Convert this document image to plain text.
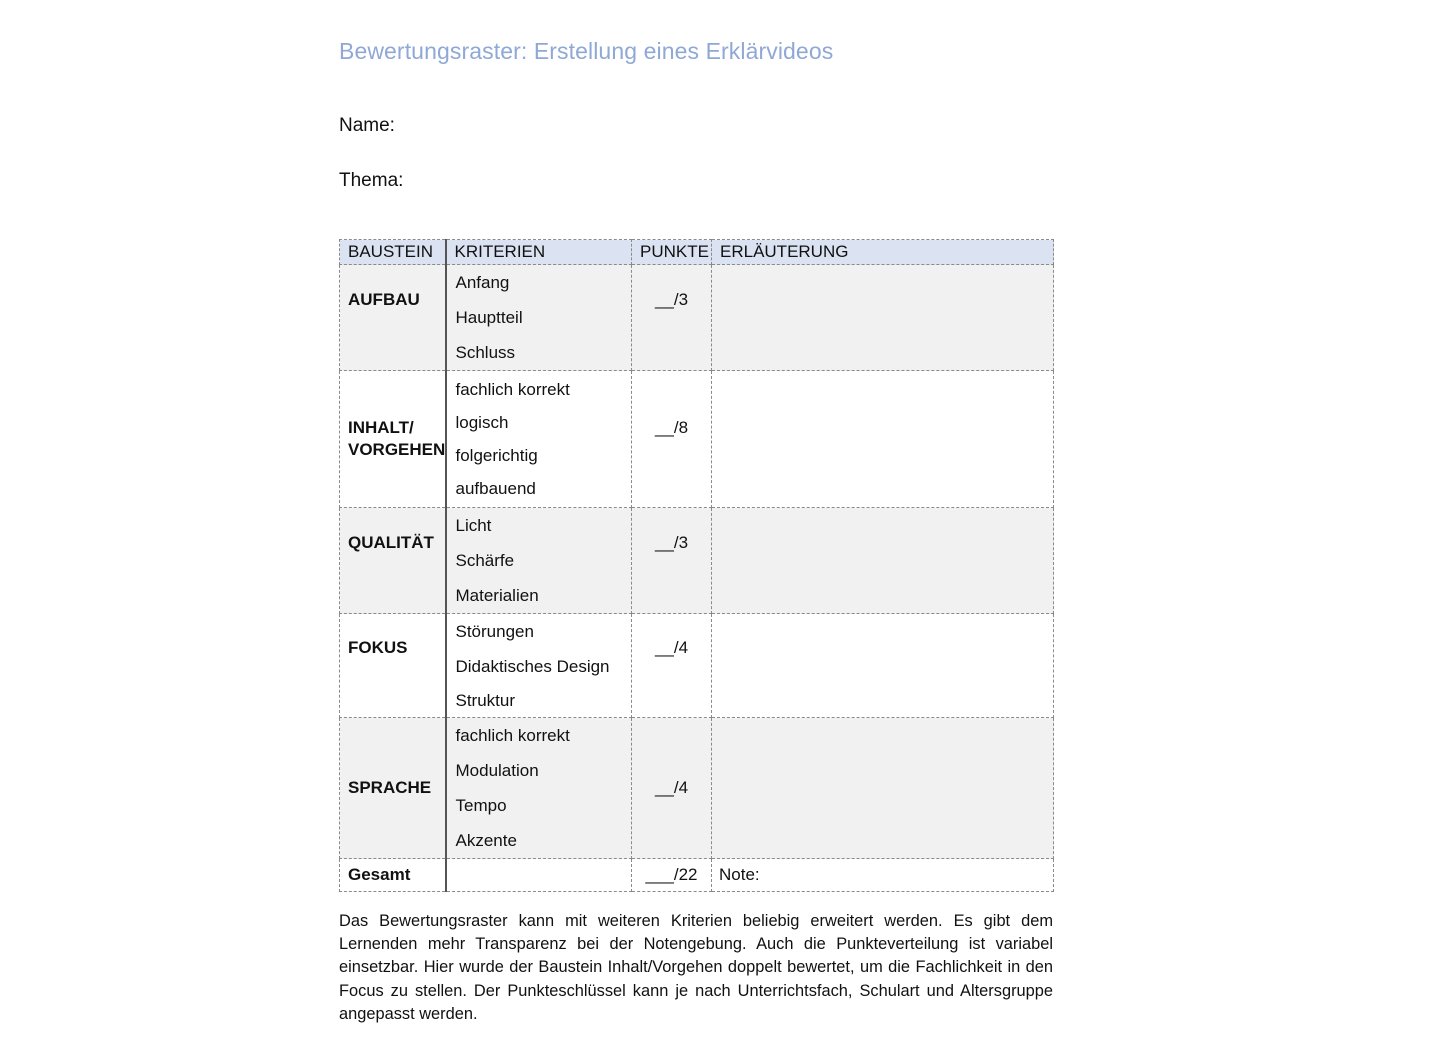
Bewertungsraster: Erstellung eines Erklärvideos
Name:
Thema:
BAUSTEIN	KRITERIEN	PUNKTE	ERLÄUTERUNG
AUFBAU	Anfang
Hauptteil
Schluss	__/3

INHALT/
VORGEHEN	fachlich korrekt
logisch
folgerichtig
aufbauend	__/8

QUALITÄT	Licht
Schärfe
Materialien	__/3

FOKUS	Störungen
Didaktisches Design
Struktur	__/4

SPRACHE	fachlich korrekt
Modulation
Tempo
Akzente	__/4	
Gesamt		___/22	Note:
Das Bewertungsraster kann mit weiteren Kriterien beliebig erweitert werden. Es gibt dem Lernenden mehr Transparenz bei der Notengebung. Auch die Punkteverteilung ist variabel einsetzbar. Hier wurde der Baustein Inhalt/Vorgehen doppelt bewertet, um die Fachlichkeit in den Focus zu stellen. Der Punkteschlüssel kann je nach Unterrichtsfach, Schulart und Altersgruppe angepasst werden.
